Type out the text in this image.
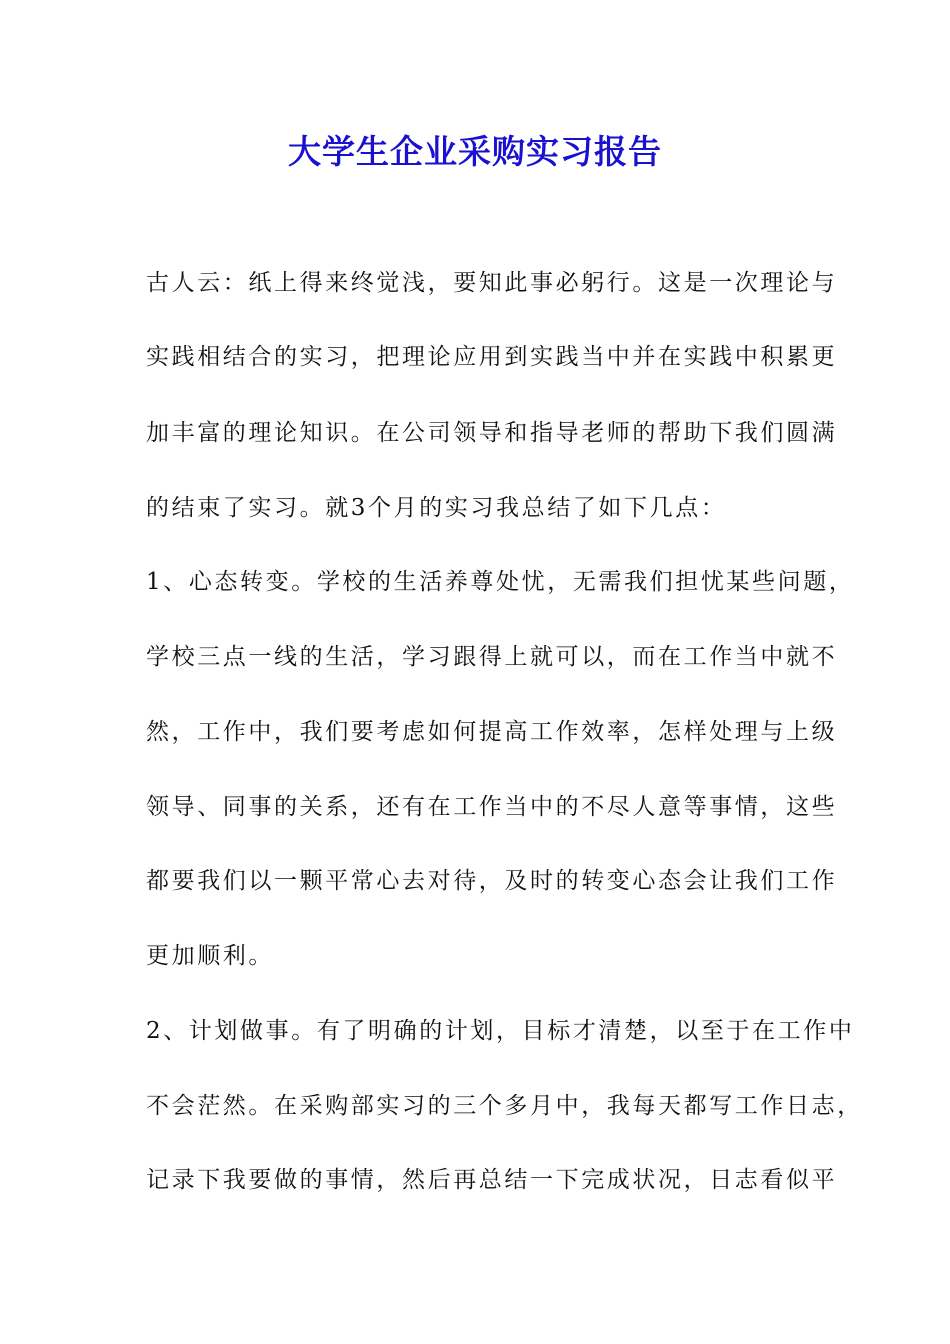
大学生企业采购实习报告

古人云：纸上得来终觉浅，要知此事必躬行。这是一次理论与

实践相结合的实习，把理论应用到实践当中并在实践中积累更

加丰富的理论知识。在公司领导和指导老师的帮助下我们圆满

的结束了实习。就3个月的实习我总结了如下几点：

1、心态转变。学校的生活养尊处忧，无需我们担忧某些问题，

学校三点一线的生活，学习跟得上就可以，而在工作当中就不

然，工作中，我们要考虑如何提高工作效率，怎样处理与上级

领导、同事的关系，还有在工作当中的不尽人意等事情，这些

都要我们以一颗平常心去对待，及时的转变心态会让我们工作

更加顺利。

2、计划做事。有了明确的计划，目标才清楚，以至于在工作中

不会茫然。在采购部实习的三个多月中，我每天都写工作日志，

记录下我要做的事情，然后再总结一下完成状况，日志看似平
